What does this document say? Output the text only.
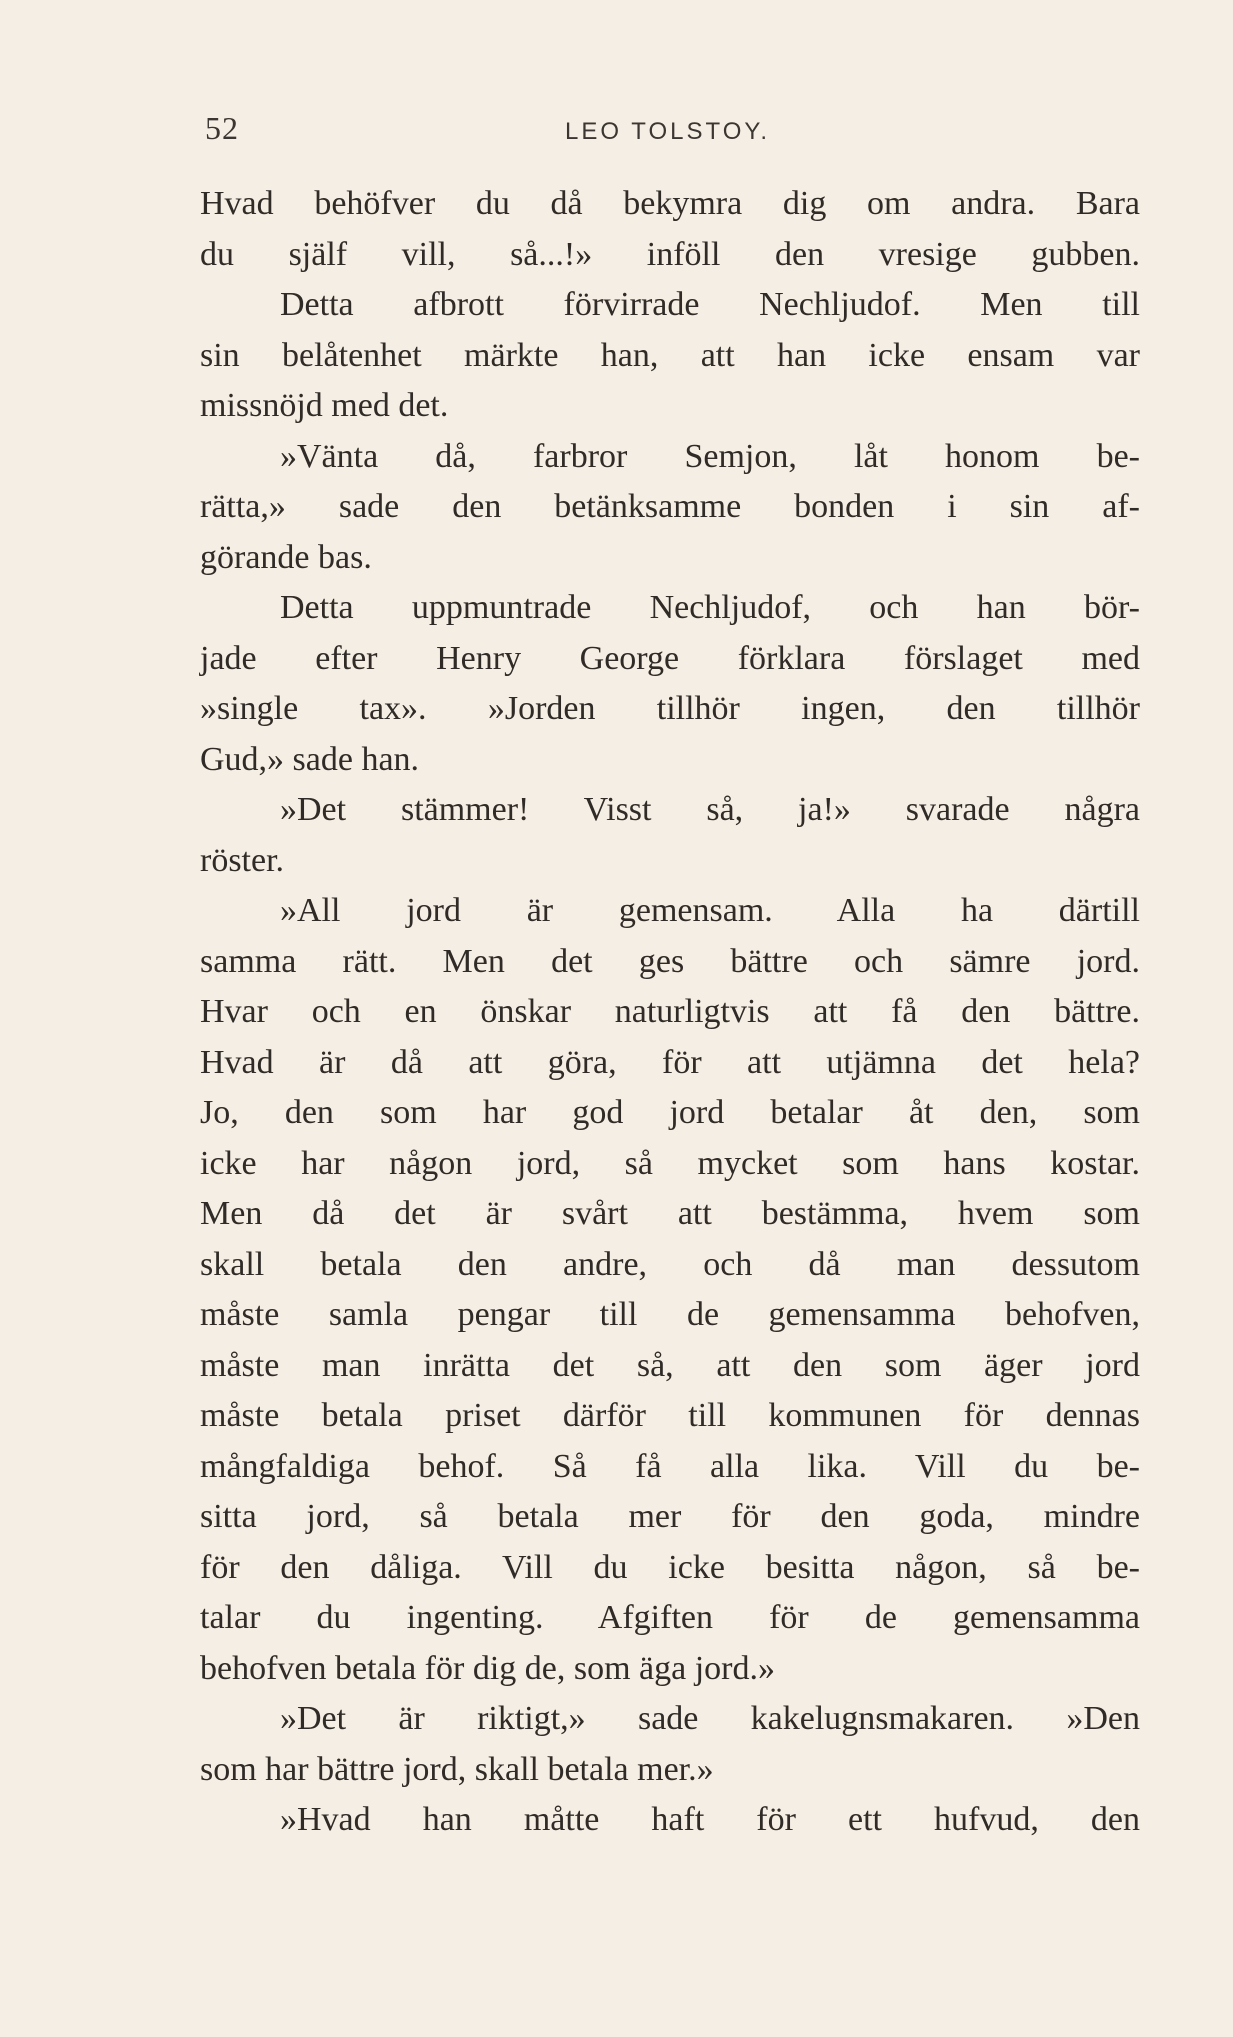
52	LEO TOLSTOY.
Hvad behöfver du då bekymra dig om andra. Bara
du själf vill, så...!» inföll den vresige gubben.
Detta afbrott förvirrade Nechljudof. Men till
sin belåtenhet märkte han, att han icke ensam var
missnöjd med det.
»Vänta då, farbror Semjon, låt honom be-
rätta,» sade den betänksamme bonden i sin af-
görande bas.
Detta uppmuntrade Nechljudof, och han bör-
jade efter Henry George förklara förslaget med
»single tax». »Jorden tillhör ingen, den tillhör
Gud,» sade han.
»Det stämmer! Visst så, ja!» svarade några
röster.
»All jord är gemensam. Alla ha därtill
samma rätt. Men det ges bättre och sämre jord.
Hvar och en önskar naturligtvis att få den bättre.
Hvad är då att göra, för att utjämna det hela?
Jo, den som har god jord betalar åt den, som
icke har någon jord, så mycket som hans kostar.
Men då det är svårt att bestämma, hvem som
skall betala den andre, och då man dessutom
måste samla pengar till de gemensamma behofven,
måste man inrätta det så, att den som äger jord
måste betala priset därför till kommunen för dennas
mångfaldiga behof. Så få alla lika. Vill du be-
sitta jord, så betala mer för den goda, mindre
för den dåliga. Vill du icke besitta någon, så be-
talar du ingenting. Afgiften för de gemensamma
behofven betala för dig de, som äga jord.»
»Det är riktigt,» sade kakelugnsmakaren. »Den
som har bättre jord, skall betala mer.»
»Hvad han måtte haft för ett hufvud, den
